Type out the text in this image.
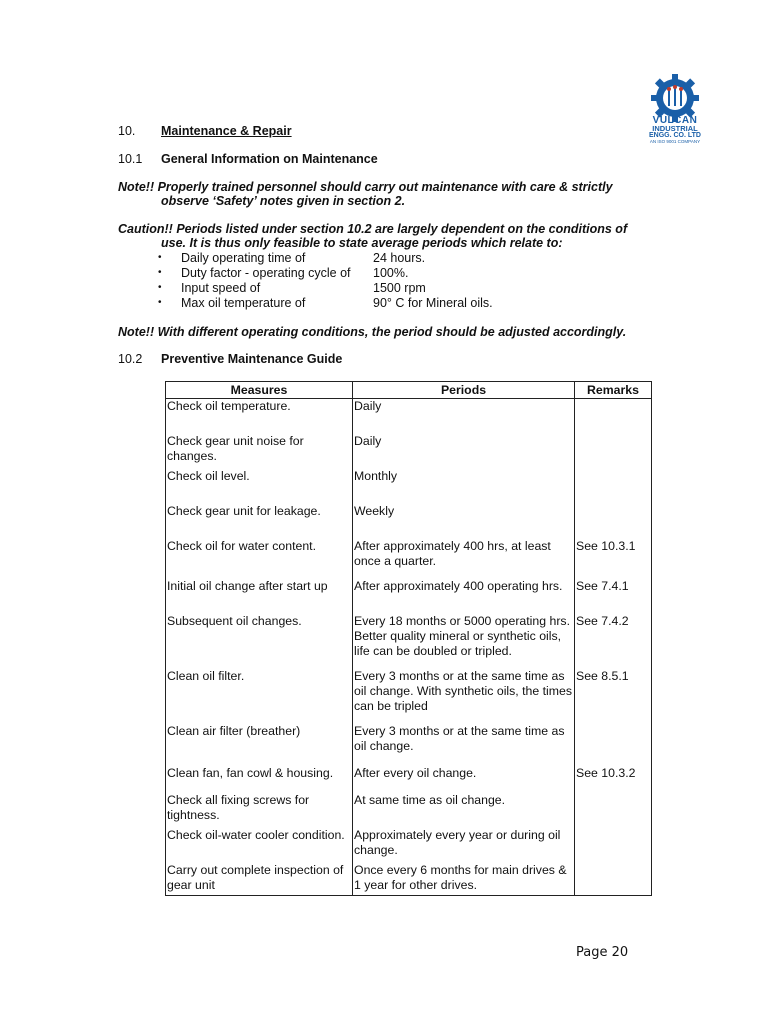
VULCAN
INDUSTRIAL
ENGG. CO. LTD
AN ISO 9001 COMPANY
10. Maintenance & Repair
10.1 General Information on Maintenance
Note!! Properly trained personnel should carry out maintenance with care & strictly
observe ‘Safety’ notes given in section 2.
Caution!! Periods listed under section 10.2 are largely dependent on the conditions of
use. It is thus only feasible to state average periods which relate to:
• Daily operating time of	24 hours.
• Duty factor - operating cycle of 100%.
• Input speed of	1500 rpm
• Max oil temperature of	90° C for Mineral oils.
Note!! With different operating conditions, the period should be adjusted accordingly.
10.2 Preventive Maintenance Guide
Measures	Periods	Remarks
Check oil temperature.	Daily	
Check gear unit noise for changes.	Daily	
Check oil level.	Monthly	
Check gear unit for leakage.	Weekly	
Check oil for water content.	After approximately 400 hrs, at least once a quarter.	See 10.3.1
Initial oil change after start up	After approximately 400 operating hrs.	See 7.4.1
Subsequent oil changes.	Every 18 months or 5000 operating hrs. Better quality mineral or synthetic oils, life can be doubled or tripled.	See 7.4.2
Clean oil filter.	Every 3 months or at the same time as oil change. With synthetic oils, the times can be tripled	See 8.5.1
Clean air filter (breather)	Every 3 months or at the same time as oil change.	
Clean fan, fan cowl & housing.	After every oil change.	See 10.3.2
Check all fixing screws for tightness.	At same time as oil change.	
Check oil-water cooler condition.	Approximately every year or during oil change.	
Carry out complete inspection of gear unit	Once every 6 months for main drives & 1 year for other drives.	
Page 20
